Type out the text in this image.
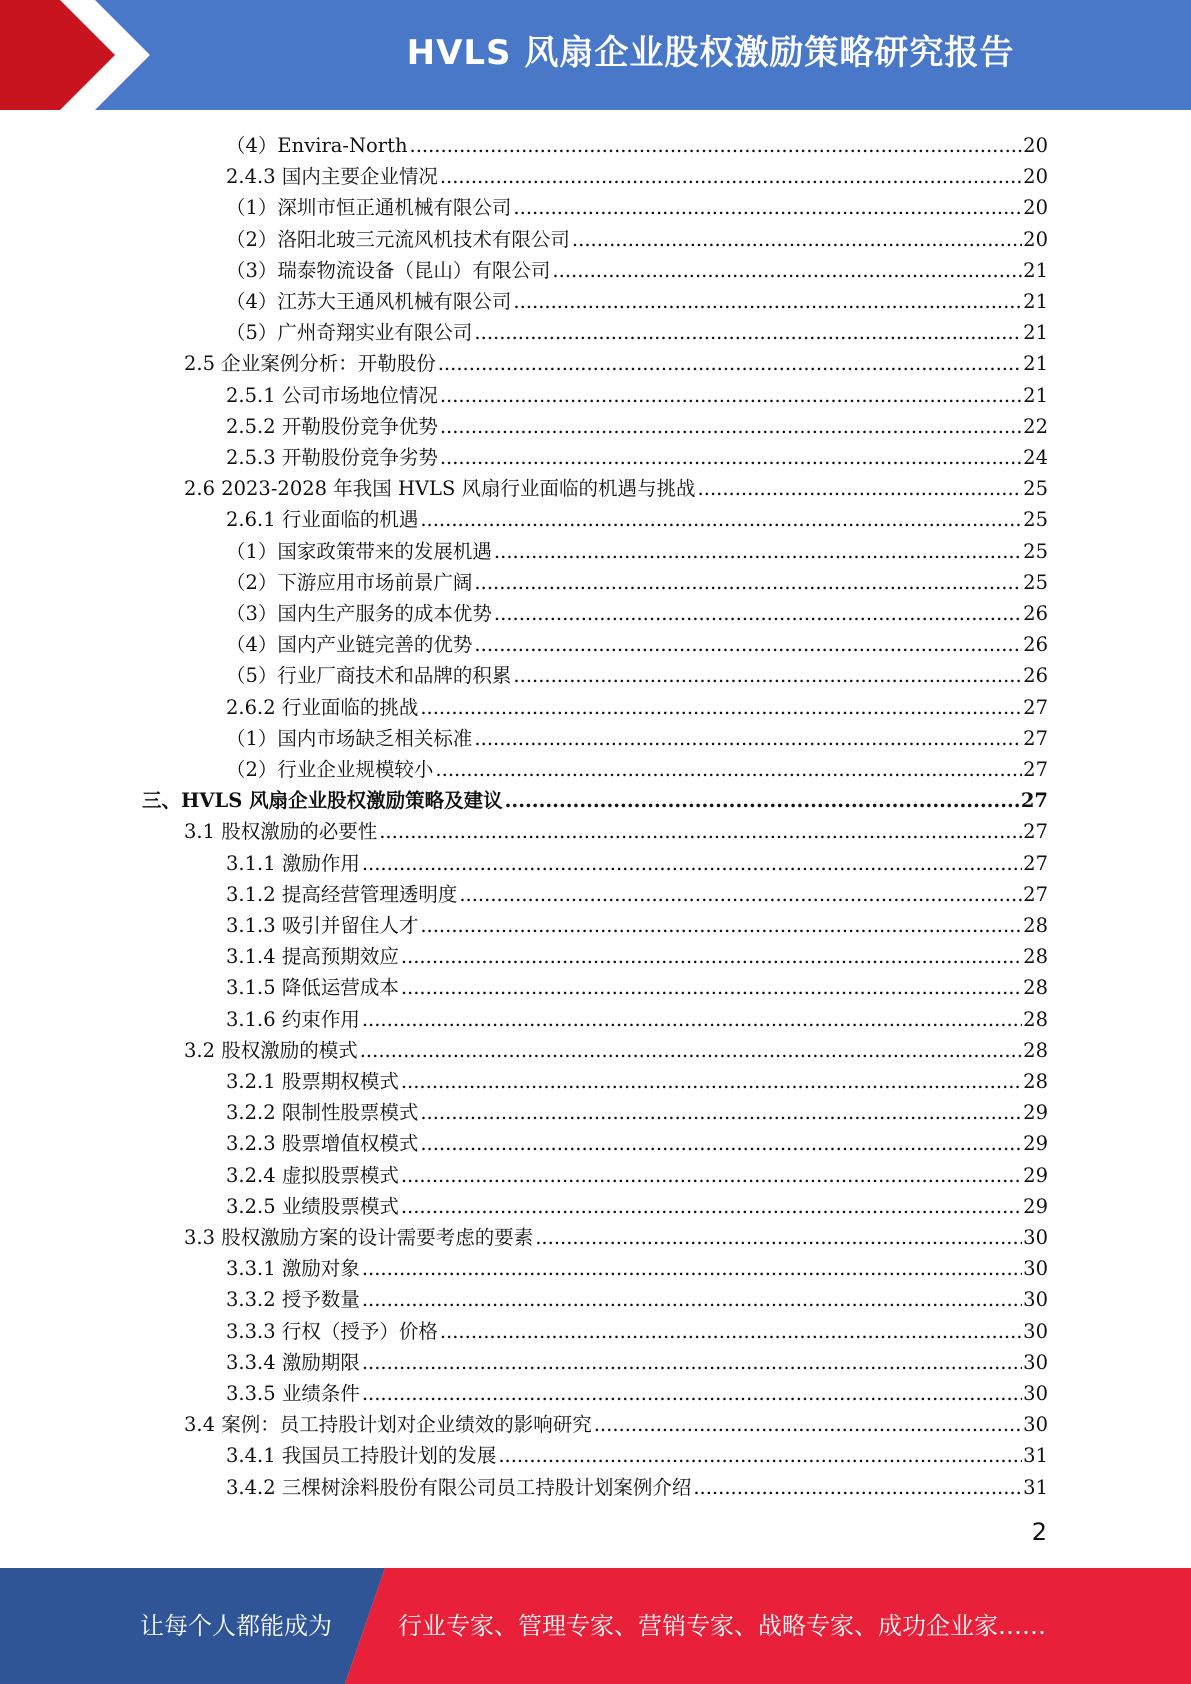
HVLS 风扇企业股权激励策略研究报告
（4）Envira-North .....	20
2.4.3 国内主要企业情况 .....	20
（1）深圳市恒正通机械有限公司 .....	20
（2）洛阳北玻三元流风机技术有限公司 .....	20
（3）瑞泰物流设备（昆山）有限公司 .....	21
（4）江苏大王通风机械有限公司 .....	21
（5）广州奇翔实业有限公司 .....	21
2.5 企业案例分析：开勒股份 .....	21
2.5.1 公司市场地位情况 .....	21
2.5.2 开勒股份竞争优势 .....	22
2.5.3 开勒股份竞争劣势 .....	24
2.6 2023-2028 年我国 HVLS 风扇行业面临的机遇与挑战 .....	25
2.6.1 行业面临的机遇 .....	25
（1）国家政策带来的发展机遇 .....	25
（2）下游应用市场前景广阔 .....	25
（3）国内生产服务的成本优势 .....	26
（4）国内产业链完善的优势 .....	26
（5）行业厂商技术和品牌的积累 .....	26
2.6.2 行业面临的挑战 .....	27
（1）国内市场缺乏相关标准 .....	27
（2）行业企业规模较小 .....	27
三、HVLS 风扇企业股权激励策略及建议 .....	27
3.1 股权激励的必要性 .....	27
3.1.1 激励作用 .....	27
3.1.2 提高经营管理透明度 .....	27
3.1.3 吸引并留住人才 .....	28
3.1.4 提高预期效应 .....	28
3.1.5 降低运营成本 .....	28
3.1.6 约束作用 .....	28
3.2 股权激励的模式 .....	28
3.2.1 股票期权模式 .....	28
3.2.2 限制性股票模式 .....	29
3.2.3 股票增值权模式 .....	29
3.2.4 虚拟股票模式 .....	29
3.2.5 业绩股票模式 .....	29
3.3 股权激励方案的设计需要考虑的要素 .....	30
3.3.1 激励对象 .....	30
3.3.2 授予数量 .....	30
3.3.3 行权（授予）价格 .....	30
3.3.4 激励期限 .....	30
3.3.5 业绩条件 .....	30
3.4 案例：员工持股计划对企业绩效的影响研究 .....	30
3.4.1 我国员工持股计划的发展 .....	31
3.4.2 三棵树涂料股份有限公司员工持股计划案例介绍 .....	31
2
让每个人都能成为	行业专家、管理专家、营销专家、战略专家、成功企业家……
